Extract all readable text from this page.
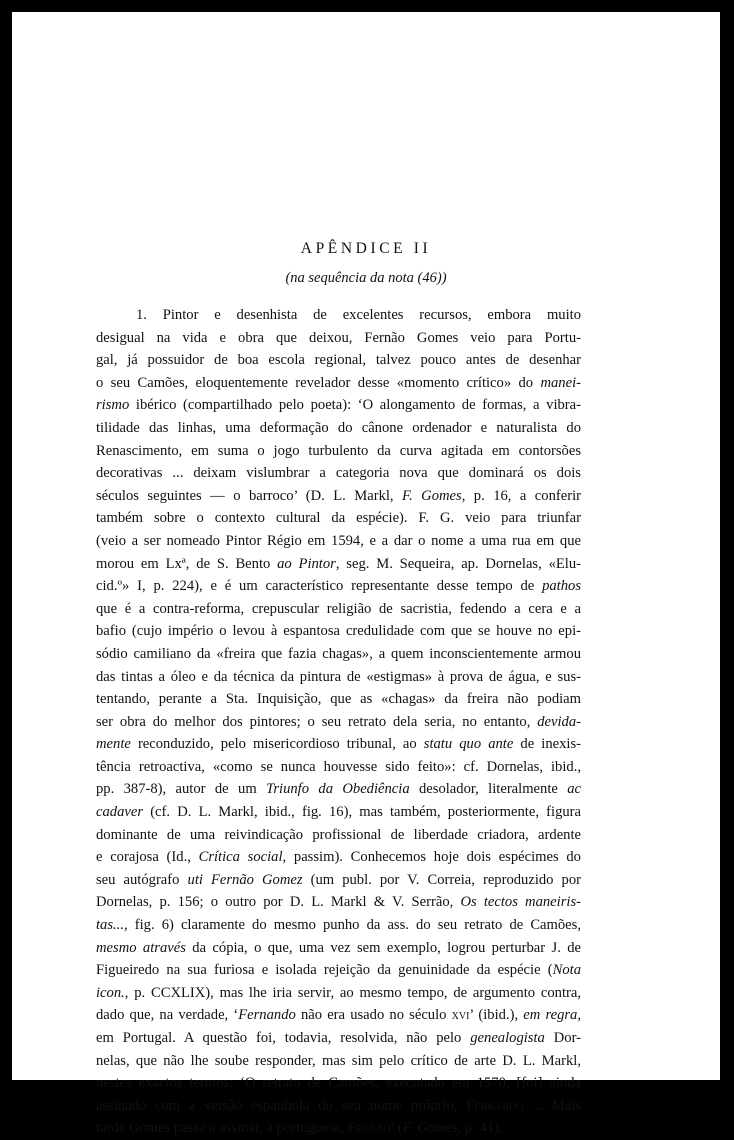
APÊNDICE II
(na sequência da nota (46))
1. Pintor e desenhista de excelentes recursos, embora muito
desigual na vida e obra que deixou, Fernão Gomes veio para Portu-
gal, já possuidor de boa escola regional, talvez pouco antes de desenhar
o seu Camões, eloquentemente revelador desse «momento crítico» do manei-
rismo ibérico (compartilhado pelo poeta): ‘O alongamento de formas, a vibra-
tilidade das linhas, uma deformação do cânone ordenador e naturalista do
Renascimento, em suma o jogo turbulento da curva agitada em contorsões
decorativas ... deixam vislumbrar a categoria nova que dominará os dois
séculos seguintes — o barroco’ (D. L. Markl, F. Gomes, p. 16, a conferir
também sobre o contexto cultural da espécie). F. G. veio para triunfar
(veio a ser nomeado Pintor Régio em 1594, e a dar o nome a uma rua em que
morou em Lxª, de S. Bento ao Pintor, seg. M. Sequeira, ap. Dornelas, «Elu-
cid.º» I, p. 224), e é um característico representante desse tempo de pathos
que é a contra-reforma, crepuscular religião de sacristia, fedendo a cera e a
bafio (cujo império o levou à espantosa credulidade com que se houve no epi-
sódio camiliano da «freira que fazia chagas», a quem inconscientemente armou
das tintas a óleo e da técnica da pintura de «estigmas» à prova de água, e sus-
tentando, perante a Sta. Inquisição, que as «chagas» da freira não podiam
ser obra do melhor dos pintores; o seu retrato dela seria, no entanto, devida-
mente reconduzido, pelo misericordioso tribunal, ao statu quo ante de inexis-
tência retroactiva, «como se nunca houvesse sido feito»: cf. Dornelas, ibid.,
pp. 387-8), autor de um Triunfo da Obediência desolador, literalmente ac
cadaver (cf. D. L. Markl, ibid., fig. 16), mas também, posteriormente, figura
dominante de uma reivindicação profissional de liberdade criadora, ardente
e corajosa (Id., Crítica social, passim). Conhecemos hoje dois espécimes do
seu autógrafo uti Fernão Gomez (um publ. por V. Correia, reproduzido por
Dornelas, p. 156; o outro por D. L. Markl & V. Serrão, Os tectos maneiris-
tas..., fig. 6) claramente do mesmo punho da ass. do seu retrato de Camões,
mesmo através da cópia, o que, uma vez sem exemplo, logrou perturbar J. de
Figueiredo na sua furiosa e isolada rejeição da genuinidade da espécie (Nota
icon., p. CCXLIX), mas lhe iria servir, ao mesmo tempo, de argumento contra,
dado que, na verdade, ‘Fernando não era usado no século xvi’ (ibid.), em regra,
em Portugal. A questão foi, todavia, resolvida, não pelo genealogista Dor-
nelas, que não lhe soube responder, mas sim pelo crítico de arte D. L. Markl,
nestes exactos termos: ‘O retrato de Camões, executado em 1570, [foi] ainda
assinado com a versão espanhola do seu nome próprio, Fernando ... Mais
tarde Gomes passa a assinar, à portuguesa, Fernão’ (F. Gomes, p. 41).
